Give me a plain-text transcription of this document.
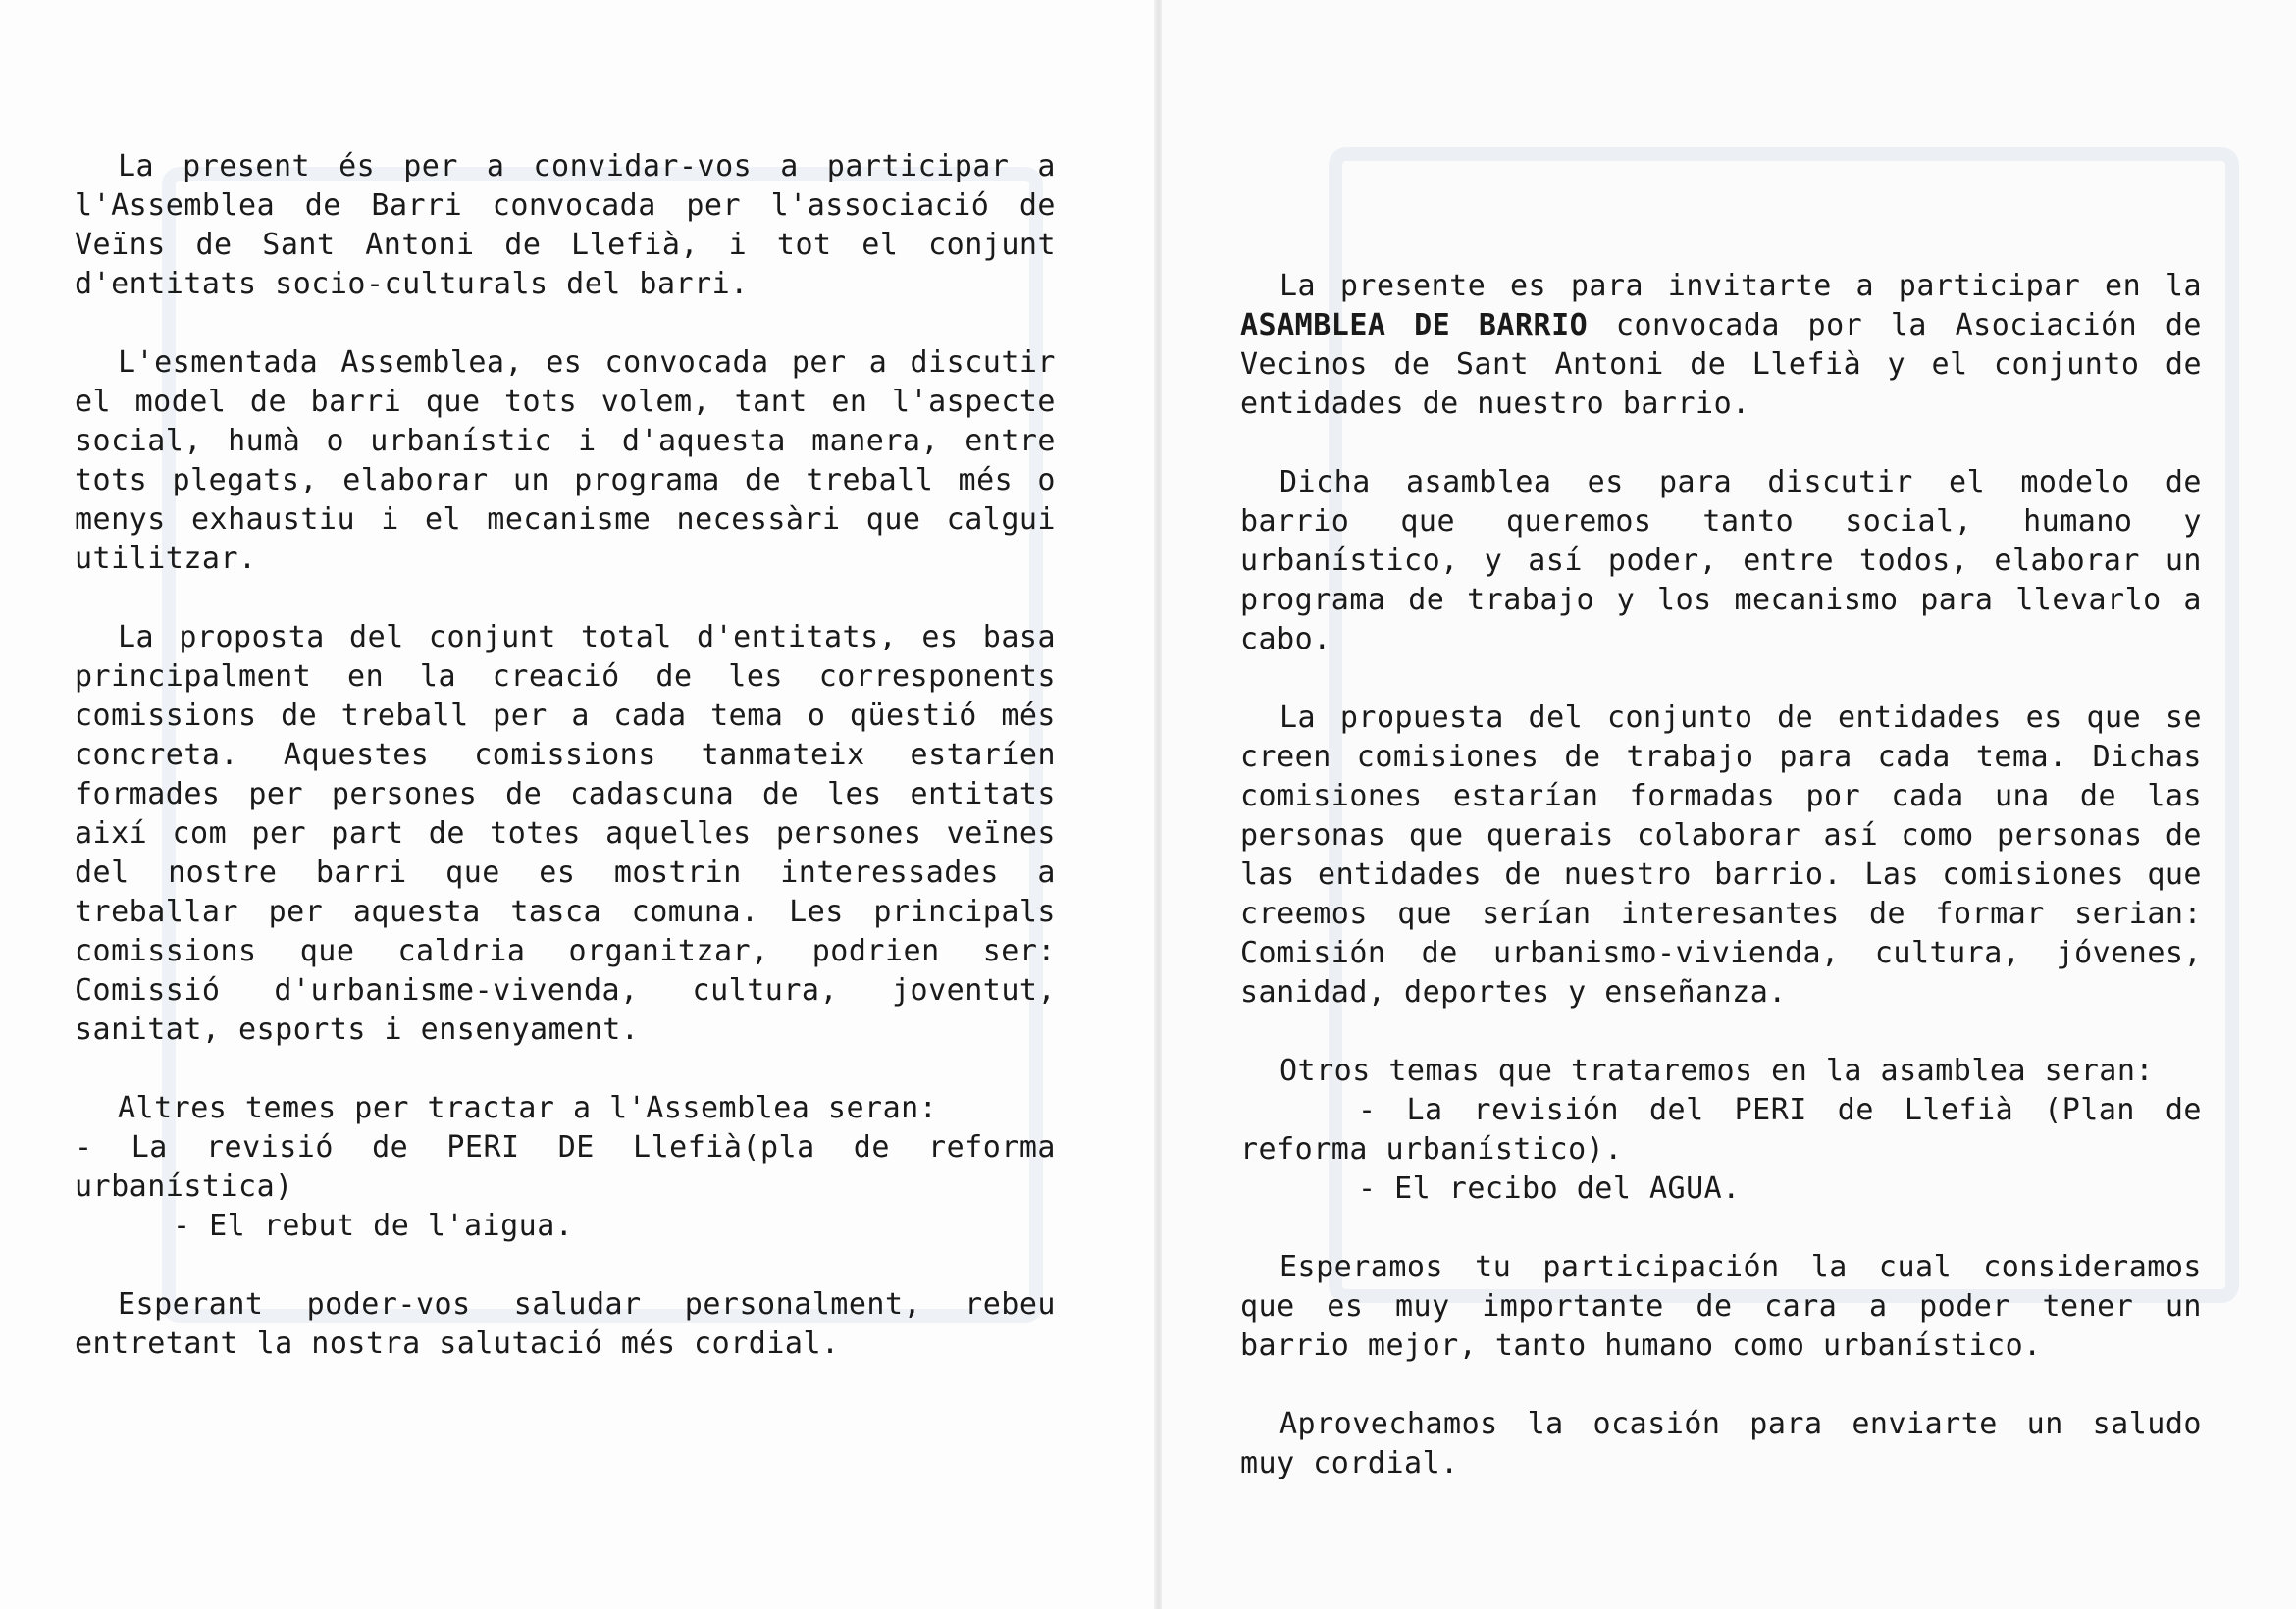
La present és per a convidar-vos a participar a l'Assemblea de Barri convocada per l'associació de Veïns de Sant Antoni de Llefià, i tot el conjunt d'entitats socio-culturals del barri.

L'esmentada Assemblea, es convocada per a discutir el model de barri que tots volem, tant en l'aspecte social, humà o urbanístic i d'aquesta manera, entre tots plegats, elaborar un programa de treball més o menys exhaustiu i el mecanisme necessàri que calgui utilitzar.

La proposta del conjunt total d'entitats, es basa principalment en la creació de les corresponents comissions de treball per a cada tema o qüestió més concreta. Aquestes comissions tanmateix estaríen formades per persones de cadascuna de les entitats així com per part de totes aquelles persones veïnes del nostre barri que es mostrin interessades a treballar per aquesta tasca comuna. Les principals comissions que caldria organitzar, podrien ser: Comissió d'urbanisme-vivenda, cultura, joventut, sanitat, esports i ensenyament.

Altres temes per tractar a l'Assemblea seran:

- La revisió de PERI DE Llefià(pla de reforma urbanística)

- El rebut de l'aigua.

Esperant poder-vos saludar personalment, rebeu entretant la nostra salutació més cordial.

La presente es para invitarte a participar en la ASAMBLEA DE BARRIO convocada por la Asociación de Vecinos de Sant Antoni de Llefià y el conjunto de entidades de nuestro barrio.

Dicha asamblea es para discutir el modelo de barrio que queremos tanto social, humano y urbanístico, y así poder, entre todos, elaborar un programa de trabajo y los mecanismo para llevarlo a cabo.

La propuesta del conjunto de entidades es que se creen comisiones de trabajo para cada tema. Dichas comisiones estarían formadas por cada una de las personas que querais colaborar así como personas de las entidades de nuestro barrio. Las comisiones que creemos que serían interesantes de formar serian: Comisión de urbanismo-vivienda, cultura, jóvenes, sanidad, deportes y enseñanza.

Otros temas que trataremos en la asamblea seran:

- La revisión del PERI de Llefià (Plan de reforma urbanístico).

- El recibo del AGUA.

Esperamos tu participación la cual consideramos que es muy importante de cara a poder tener un barrio mejor, tanto humano como urbanístico.

Aprovechamos la ocasión para enviarte un saludo muy cordial.
